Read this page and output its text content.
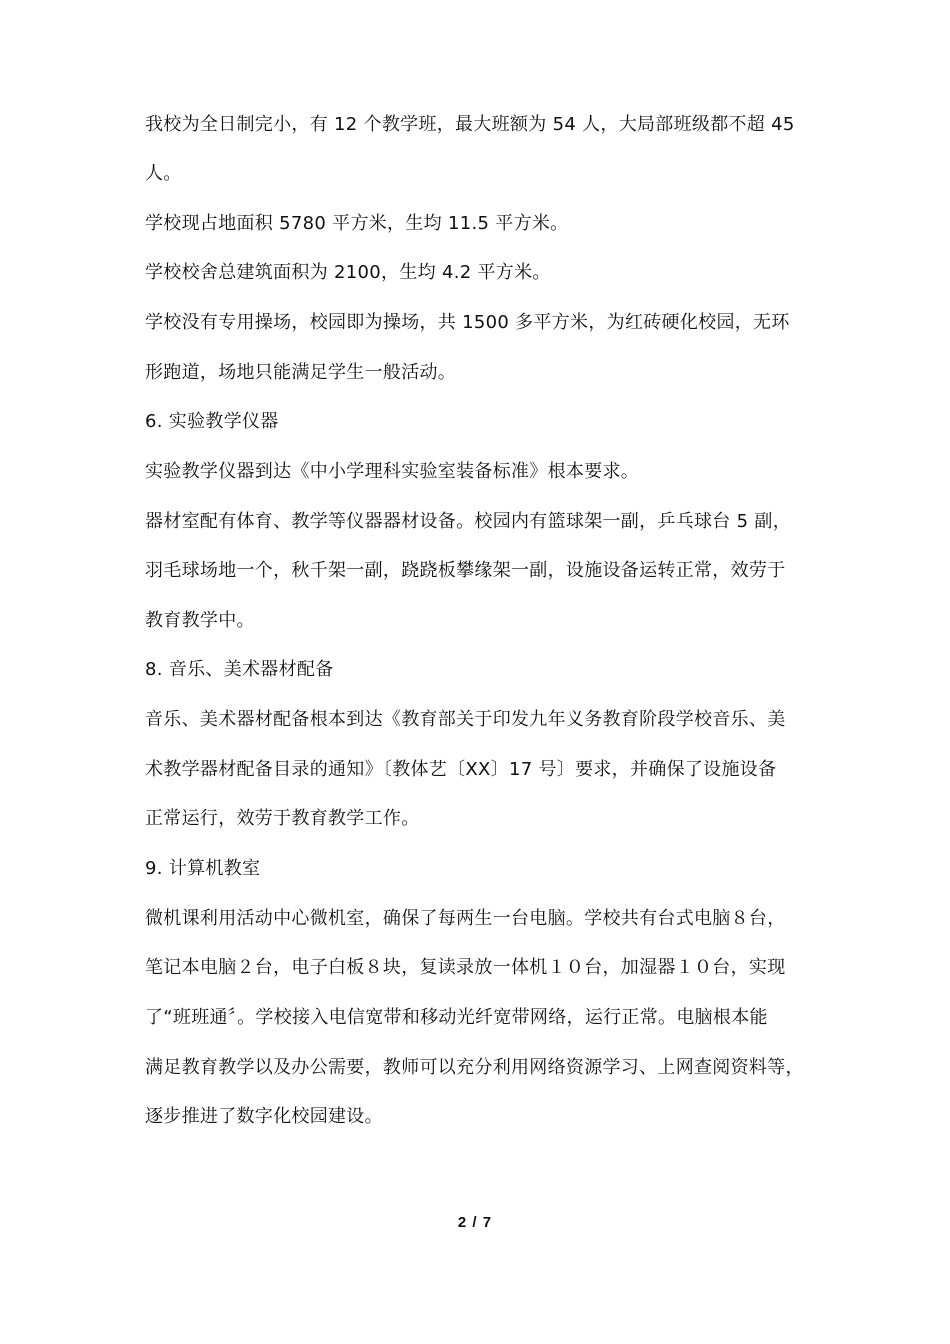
我校为全日制完小，有 12 个教学班，最大班额为 54 人，大局部班级都不超 45
人。
学校现占地面积 5780 平方米，生均 11.5 平方米。
学校校舍总建筑面积为 2100，生均 4.2 平方米。
学校没有专用操场，校园即为操场，共 1500 多平方米，为红砖硬化校园，无环
形跑道，场地只能满足学生一般活动。
6. 实验教学仪器
实验教学仪器到达《中小学理科实验室装备标准》根本要求。
器材室配有体育、教学等仪器器材设备。校园内有篮球架一副，乒乓球台 5 副，
羽毛球场地一个，秋千架一副，跷跷板攀缘架一副，设施设备运转正常，效劳于
教育教学中。
8. 音乐、美术器材配备
音乐、美术器材配备根本到达《教育部关于印发九年义务教育阶段学校音乐、美
术教学器材配备目录的通知》〔教体艺〔XX〕17 号〕要求，并确保了设施设备
正常运行，效劳于教育教学工作。
9. 计算机教室
微机课利用活动中心微机室，确保了每两生一台电脑。学校共有台式电脑８台，
笔记本电脑２台，电子白板８块，复读录放一体机１０台，加湿器１０台，实现
了“班班通〞。学校接入电信宽带和移动光纤宽带网络，运行正常。电脑根本能
满足教育教学以及办公需要，教师可以充分利用网络资源学习、上网查阅资料等，
逐步推进了数字化校园建设。
2 / 7
